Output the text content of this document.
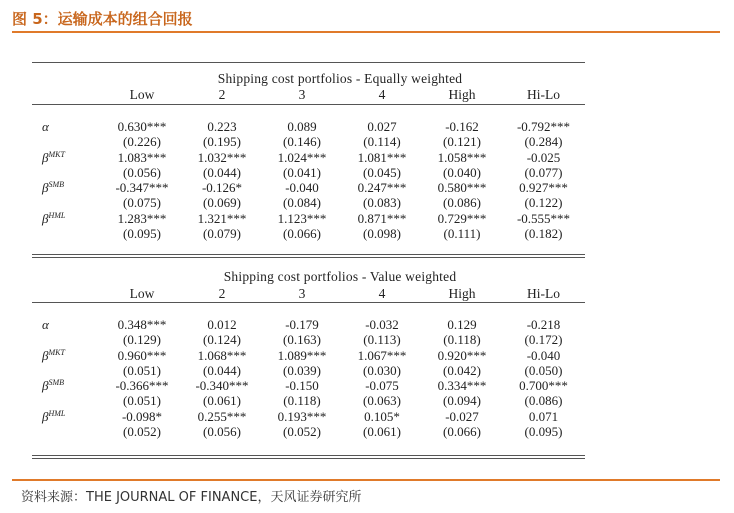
图 5：运输成本的组合回报
Shipping cost portfolios - Equally weighted
Low	2	3	4	High	Hi-Lo
α	0.630***	0.223	0.089	0.027	-0.162	-0.792***
(0.226)	(0.195)	(0.146)	(0.114)	(0.121)	(0.284)
$\beta^{MKT}$	1.083***	1.032***	1.024***	1.081***	1.058***	-0.025
(0.056)	(0.044)	(0.041)	(0.045)	(0.040)	(0.077)
$\beta^{SMB}$	-0.347***	-0.126*	-0.040	0.247***	0.580***	0.927***
(0.075)	(0.069)	(0.084)	(0.083)	(0.086)	(0.122)
$\beta^{HML}$	1.283***	1.321***	1.123***	0.871***	0.729***	-0.555***
(0.095)	(0.079)	(0.066)	(0.098)	(0.111)	(0.182)
Shipping cost portfolios - Value weighted
Low	2	3	4	High	Hi-Lo
α	0.348***	0.012	-0.179	-0.032	0.129	-0.218
(0.129)	(0.124)	(0.163)	(0.113)	(0.118)	(0.172)
$\beta^{MKT}$	0.960***	1.068***	1.089***	1.067***	0.920***	-0.040
(0.051)	(0.044)	(0.039)	(0.030)	(0.042)	(0.050)
$\beta^{SMB}$	-0.366***	-0.340***	-0.150	-0.075	0.334***	0.700***
(0.051)	(0.061)	(0.118)	(0.063)	(0.094)	(0.086)
$\beta^{HML}$	-0.098*	0.255***	0.193***	0.105*	-0.027	0.071
(0.052)	(0.056)	(0.052)	(0.061)	(0.066)	(0.095)
资料来源：THE JOURNAL OF FINANCE，天风证券研究所
